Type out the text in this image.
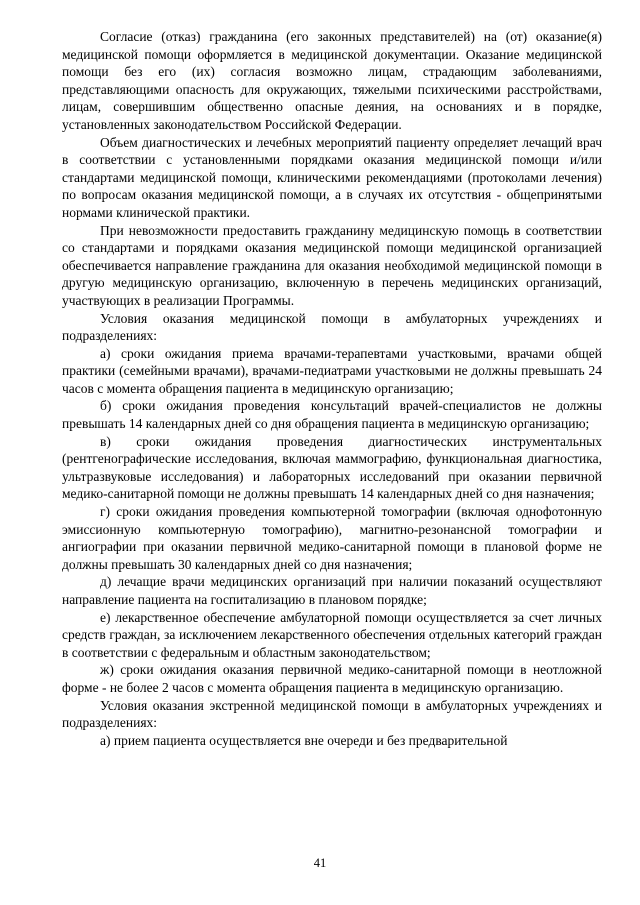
Согласие (отказ) гражданина (его законных представителей) на (от) оказание(я) медицинской помощи оформляется в медицинской документации. Оказание медицинской помощи без его (их) согласия возможно лицам, страдающим заболеваниями, представляющими опасность для окружающих, тяжелыми психическими расстройствами, лицам, совершившим общественно опасные деяния, на основаниях и в порядке, установленных законодательством Российской Федерации.

Объем диагностических и лечебных мероприятий пациенту определяет лечащий врач в соответствии с установленными порядками оказания медицинской помощи и/или стандартами медицинской помощи, клиническими рекомендациями (протоколами лечения) по вопросам оказания медицинской помощи, а в случаях их отсутствия - общепринятыми нормами клинической практики.

При невозможности предоставить гражданину медицинскую помощь в соответствии со стандартами и порядками оказания медицинской помощи медицинской организацией обеспечивается направление гражданина для оказания необходимой медицинской помощи в другую медицинскую организацию, включенную в перечень медицинских организаций, участвующих в реализации Программы.

Условия оказания медицинской помощи в амбулаторных учреждениях и подразделениях:

а) сроки ожидания приема врачами-терапевтами участковыми, врачами общей практики (семейными врачами), врачами-педиатрами участковыми не должны превышать 24 часов с момента обращения пациента в медицинскую организацию;

б) сроки ожидания проведения консультаций врачей-специалистов не должны превышать 14 календарных дней со дня обращения пациента в медицинскую организацию;

в) сроки ожидания проведения диагностических инструментальных (рентгенографические исследования, включая маммографию, функциональная диагностика, ультразвуковые исследования) и лабораторных исследований при оказании первичной медико-санитарной помощи не должны превышать 14 календарных дней со дня назначения;

г) сроки ожидания проведения компьютерной томографии (включая однофотонную эмиссионную компьютерную томографию), магнитно-резонансной томографии и ангиографии при оказании первичной медико-санитарной помощи в плановой форме не должны превышать 30 календарных дней со дня назначения;

д) лечащие врачи медицинских организаций при наличии показаний осуществляют направление пациента на госпитализацию в плановом порядке;

е) лекарственное обеспечение амбулаторной помощи осуществляется за счет личных средств граждан, за исключением лекарственного обеспечения отдельных категорий граждан в соответствии с федеральным и областным законодательством;

ж) сроки ожидания оказания первичной медико-санитарной помощи в неотложной форме - не более 2 часов с момента обращения пациента в медицинскую организацию.

Условия оказания экстренной медицинской помощи в амбулаторных учреждениях и подразделениях:

а) прием пациента осуществляется вне очереди и без предварительной

41
